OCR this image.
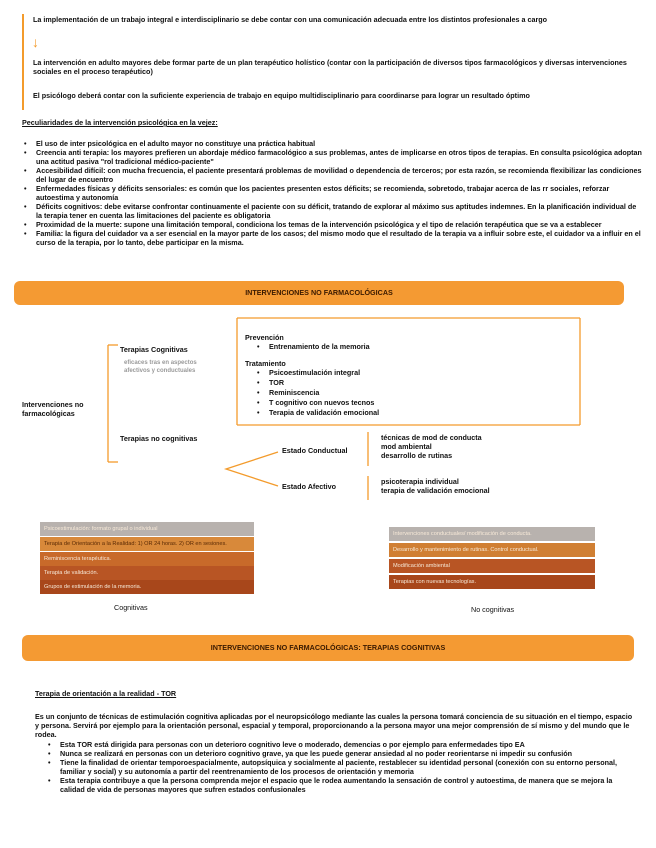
La implementación de un trabajo integral e interdisciplinario se debe contar con una comunicación adecuada entre los distintos profesionales a cargo
↓
La intervención en adulto mayores debe formar parte de un plan terapéutico holístico (contar con la participación de diversos tipos farmacológicos y diversas intervenciones sociales en el proceso terapéutico)
El psicólogo deberá contar con la suficiente experiencia de trabajo en equipo multidisciplinario para coordinarse para lograr un resultado óptimo
Peculiaridades de la intervención psicológica en la vejez:
• El uso de inter psicológica en el adulto mayor no constituye una práctica habitual
• Creencia anti terapia: los mayores prefieren un abordaje médico farmacológico a sus problemas, antes de implicarse en otros tipos de terapias. En consulta psicológica adoptan una actitud pasiva "rol tradicional médico-paciente"
• Accesibilidad difícil: con mucha frecuencia, el paciente presentará problemas de movilidad o dependencia de terceros; por esta razón, se recomienda flexibilizar las condiciones del lugar de encuentro
• Enfermedades físicas y déficits sensoriales: es común que los pacientes presenten estos déficits; se recomienda, sobretodo, trabajar acerca de las rr sociales, reforzar autoestima y autonomía
• Déficits cognitivos: debe evitarse confrontar continuamente el paciente con su déficit, tratando de explorar al máximo sus aptitudes indemnes. En la planificación individual de la terapia tener en cuenta las limitaciones del paciente es obligatoria
• Proximidad de la muerte: supone una limitación temporal, condiciona los temas de la intervención psicológica y el tipo de relación terapéutica que se va a establecer
• Familia: la figura del cuidador va a ser esencial en la mayor parte de los casos; del mismo modo que el resultado de la terapia va a influir sobre este, el cuidador va a influir en el curso de la terapia, por lo tanto, debe participar en la misma.
INTERVENCIONES NO FARMACOLÓGICAS
Intervenciones no farmacológicas
Terapias Cognitivas
eficaces tras en aspectos afectivos y conductuales
Prevención
• Entrenamiento de la memoria
Tratamiento
• Psicoestimulación integral
• TOR
• Reminiscencia
• T cognitivo con nuevos tecnos
• Terapia de validación emocional
Terapias no cognitivas
Estado Conductual
técnicas de mod de conducta
mod ambiental
desarrollo de rutinas
Estado Afectivo
psicoterapia individual
terapia de validación emocional
Psicoestimulación: formato grupal o individual
Terapia de Orientación a la Realidad: 1) OR 24 horas. 2) OR en sesiones.
Reminiscencia terapéutica.
Terapia de validación.
Grupos de estimulación de la memoria.
Intervenciones conductuales/ modificación de conducta.
Desarrollo y mantenimiento de rutinas. Control conductual.
Modificación ambiental
Terapias con nuevas tecnologías.
Cognitivas	No cognitivas
INTERVENCIONES NO FARMACOLÓGICAS: TERAPIAS COGNITIVAS
Terapia de orientación a la realidad - TOR
Es un conjunto de técnicas de estimulación cognitiva aplicadas por el neuropsicólogo mediante las cuales la persona tomará conciencia de su situación en el tiempo, espacio y persona. Servirá por ejemplo para la orientación personal, espacial y temporal, proporcionando a la persona mayor una mejor comprensión de sí mismo y del mundo que le rodea.
• Esta TOR está dirigida para personas con un deterioro cognitivo leve o moderado, demencias o por ejemplo para enfermedades tipo EA
• Nunca se realizará en personas con un deterioro cognitivo grave, ya que les puede generar ansiedad al no poder reorientarse ni impedir su confusión
• Tiene la finalidad de orientar temporoespacialmente, autopsíquica y socialmente al paciente, restablecer su identidad personal (conexión con su entorno personal, familiar y social) y su autonomía a partir del reentrenamiento de los procesos de orientación y memoria
• Esta terapia contribuye a que la persona comprenda mejor el espacio que le rodea aumentando la sensación de control y autoestima, de manera que se mejora la calidad de vida de personas mayores que sufren estados confusionales
